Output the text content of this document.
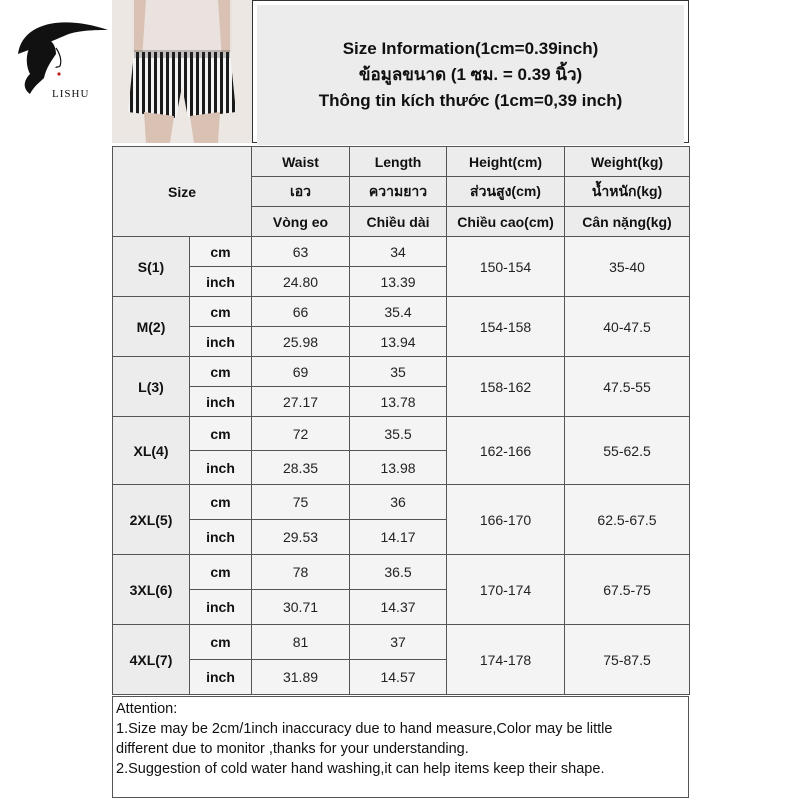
LISHU
Size Information(1cm=0.39inch)
ข้อมูลขนาด (1 ซม. = 0.39 นิ้ว)
Thông tin kích thước (1cm=0,39 inch)
Size		Waist	Length	Height(cm)	Weight(kg)
		เอว	ความยาว	ส่วนสูง(cm)	น้ำหนัก(kg)
		Vòng eo	Chiều dài	Chiều cao(cm)	Cân nặng(kg)
S(1)	cm	63	34	150-154	35-40
	inch	24.80	13.39		
M(2)	cm	66	35.4	154-158	40-47.5
	inch	25.98	13.94		
L(3)	cm	69	35	158-162	47.5-55
	inch	27.17	13.78		
XL(4)	cm	72	35.5	162-166	55-62.5
	inch	28.35	13.98		
2XL(5)	cm	75	36	166-170	62.5-67.5
	inch	29.53	14.17		
3XL(6)	cm	78	36.5	170-174	67.5-75
	inch	30.71	14.37		
4XL(7)	cm	81	37	174-178	75-87.5
	inch	31.89	14.57		
Attention:
1.Size may be 2cm/1inch inaccuracy due to hand measure,Color may be little
different due to monitor ,thanks for your understanding.
2.Suggestion of cold water hand washing,it can help items keep their shape.
